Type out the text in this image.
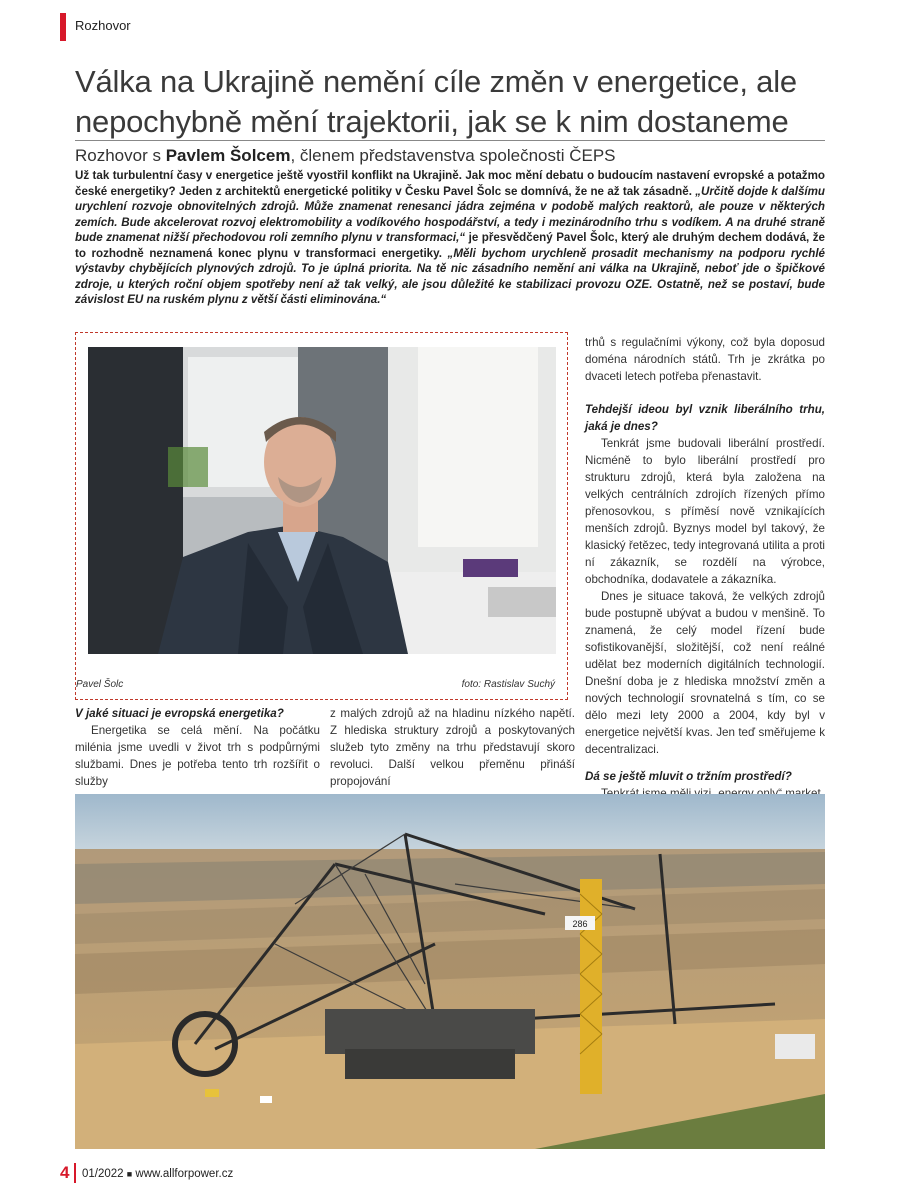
Rozhovor
Válka na Ukrajině nemění cíle změn v energetice, ale nepochybně mění trajektorii, jak se k nim dostaneme
Rozhovor s Pavlem Šolcem, členem představenstva společnosti ČEPS

Už tak turbulentní časy v energetice ještě vyostřil konflikt na Ukrajině. Jak moc mění debatu o budoucím nastavení evropské a potažmo české energetiky? Jeden z architektů energetické politiky v Česku Pavel Šolc se domnívá, že ne až tak zásadně. „Určitě dojde k dalšímu urychlení rozvoje obnovitelných zdrojů. Může znamenat renesanci jádra zejména v podobě malých reaktorů, ale pouze v některých zemích. Bude akcelerovat rozvoj elektromobility a vodíkového hospodářství, a tedy i mezinárodního trhu s vodíkem. A na druhé straně bude znamenat nižší přechodovou roli zemního plynu v transformaci,“ je přesvědčený Pavel Šolc, který ale druhým dechem dodává, že to rozhodně neznamená konec plynu v transformaci energetiky. „Měli bychom urychleně prosadit mechanismy na podporu rychlé výstavby chybějících plynových zdrojů. To je úplná priorita. Na tě nic zásadního nemění ani válka na Ukrajině, neboť jde o špičkové zdroje, u kterých roční objem spotřeby není až tak velký, ale jsou důležité ke stabilizaci provozu OZE. Ostatně, než se postaví, bude závislost EU na ruském plynu z větší části eliminována.“

Pavel Šolc	foto: Rastislav Suchý

trhů s regulačními výkony, což byla doposud doména národních států. Trh je zkrátka po dvaceti letech potřeba přenastavit.

Tehdejší ideou byl vznik liberálního trhu, jaká je dnes?

Tenkrát jsme budovali liberální prostředí. Nicméně to bylo liberální prostředí pro strukturu zdrojů, která byla založena na velkých centrálních zdrojích řízených přímo přenosovkou, s příměsí nově vznikajících menších zdrojů. Byznys model byl takový, že klasický řetězec, tedy integrovaná utilita a proti ní zákazník, se rozdělí na výrobce, obchodníka, dodavatele a zákazníka.

Dnes je situace taková, že velkých zdrojů bude postupně ubývat a budou v menšině. To znamená, že celý model řízení bude sofistikovanější, složitější, což není reálné udělat bez moderních digitálních technologií. Dnešní doba je z hlediska množství změn a nových technologií srovnatelná s tím, co se dělo mezi lety 2000 a 2004, kdy byl v energetice největší kvas. Jen teď směřujeme k decentralizaci.

Dá se ještě mluvit o tržním prostředí?

V jaké situaci je evropská energetika?

Energetika se celá mění. Na počátku milénia jsme uvedli v život trh s podpůrnými službami. Dnes je potřeba tento trh rozšířit o služby

z malých zdrojů až na hladinu nízkého napětí. Z hlediska struktury zdrojů a poskytovaných služeb tyto změny na trhu představují skoro revoluci. Další velkou přeměnu přináší propojování

286
4 01/2022 ■ www.allforpower.cz
